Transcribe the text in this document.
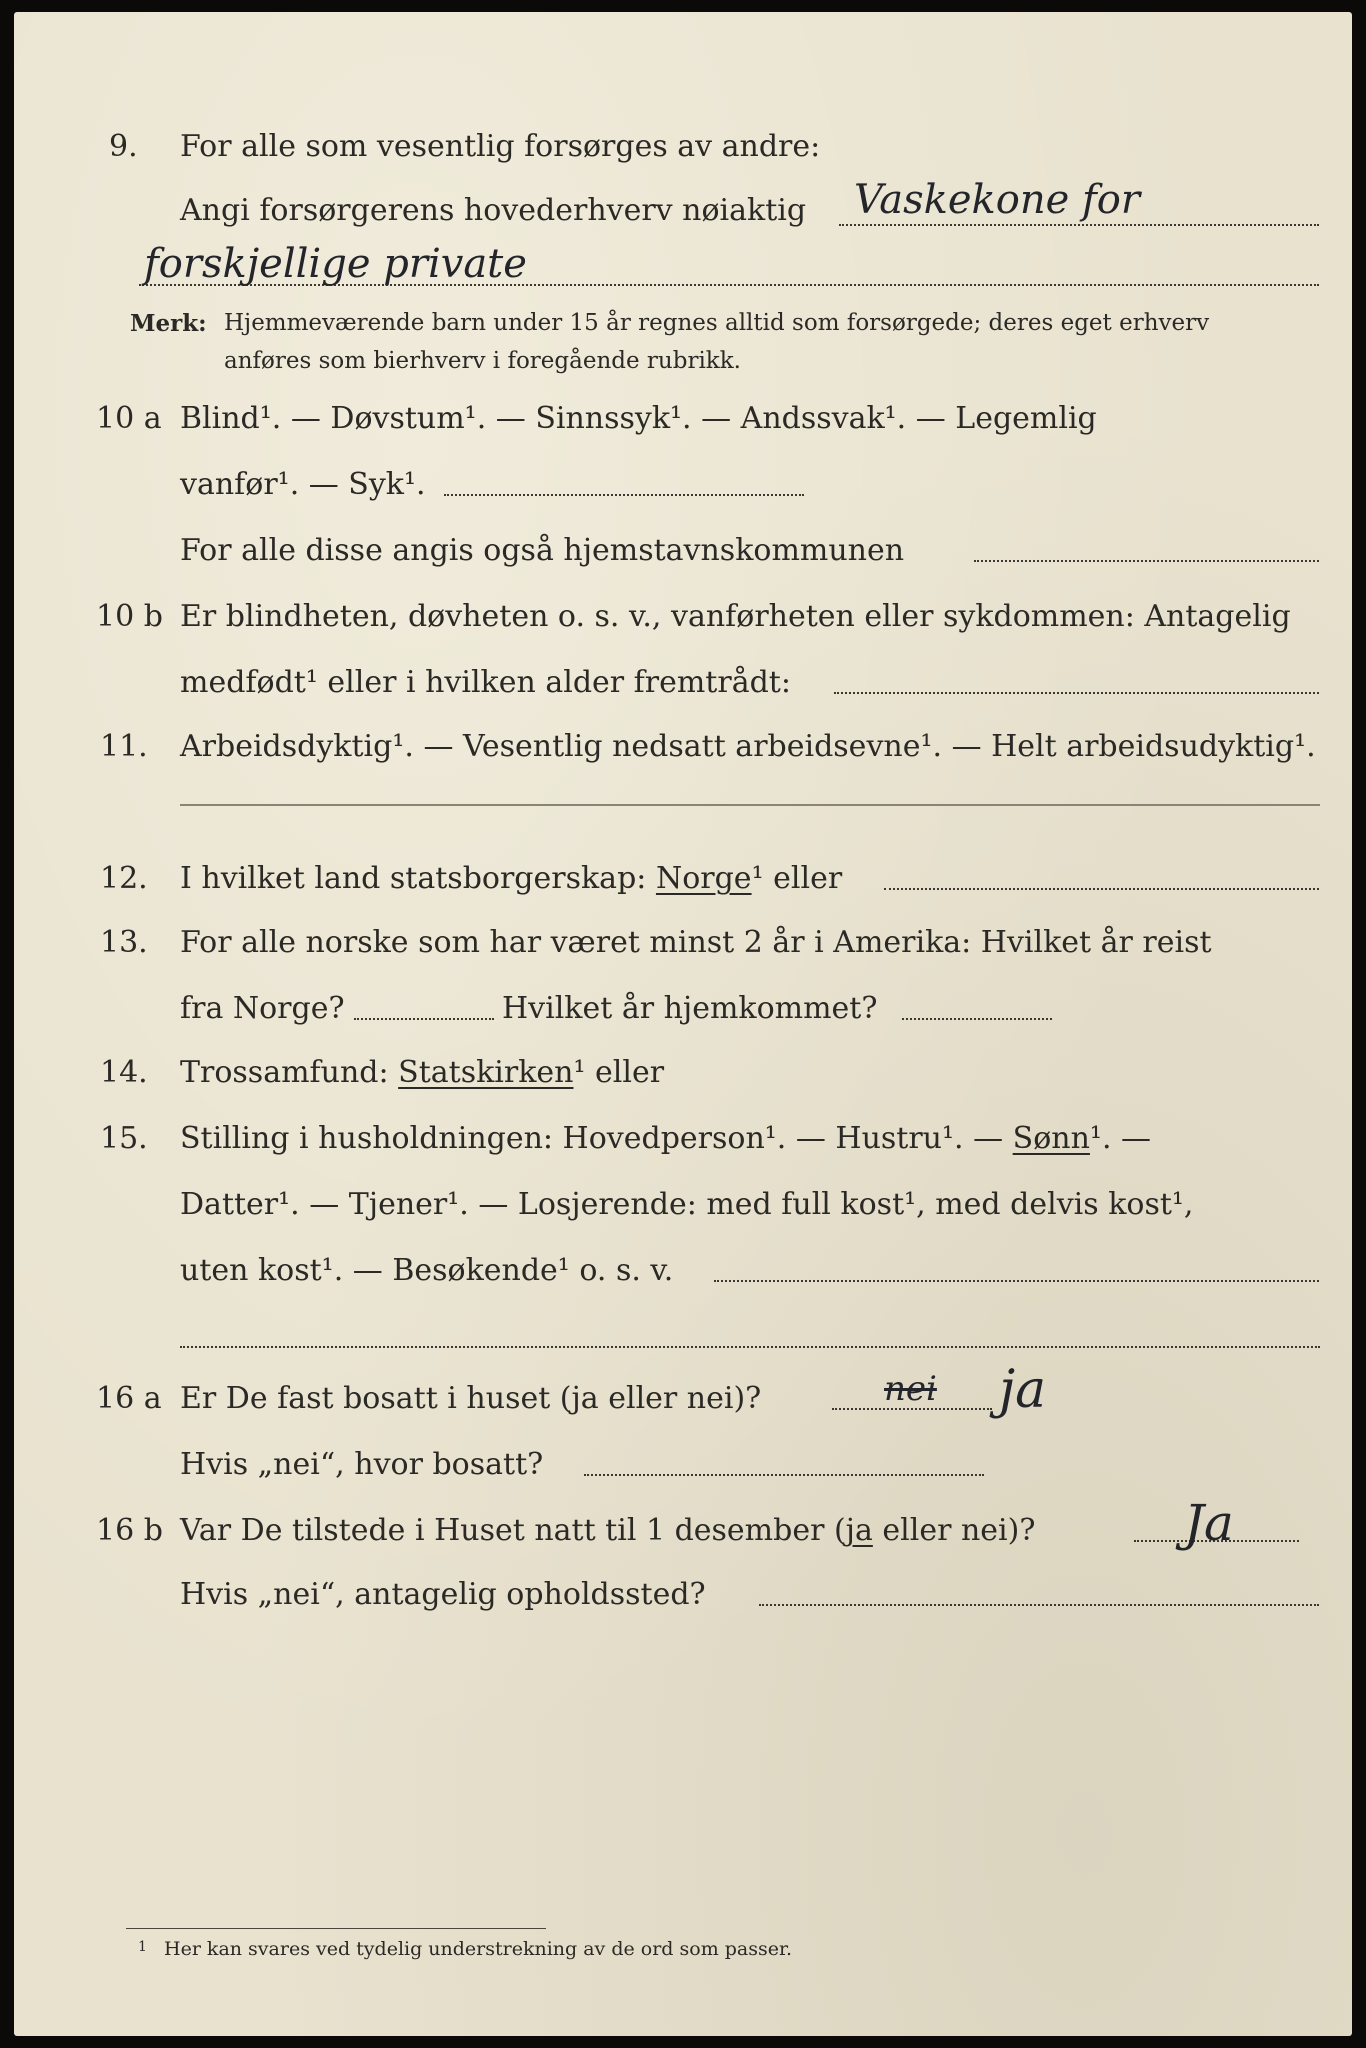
9. For alle som vesentlig forsørges av andre:
Angi forsørgerens hovederhverv nøiaktig Vaskekone for
forskjellige private
Merk: Hjemmeværende barn under 15 år regnes alltid som forsørgede; deres eget erhverv
anføres som bierhverv i foregående rubrikk.
10 a Blind¹. — Døvstum¹. — Sinnssyk¹. — Andssvak¹. — Legemlig
vanfør¹. — Syk¹.
For alle disse angis også hjemstavnskommunen
10 b Er blindheten, døvheten o. s. v., vanførheten eller sykdommen: Antagelig
medfødt¹ eller i hvilken alder fremtrådt:
11. Arbeidsdyktig¹. — Vesentlig nedsatt arbeidsevne¹. — Helt arbeidsudyktig¹.
12. I hvilket land statsborgerskap: Norge¹ eller
13. For alle norske som har været minst 2 år i Amerika: Hvilket år reist
fra Norge?	Hvilket år hjemkommet?
14. Trossamfund: Statskirken¹ eller
15. Stilling i husholdningen: Hovedperson¹. — Hustru¹. — Sønn¹. —
Datter¹. — Tjener¹. — Losjerende: med full kost¹, med delvis kost¹,
uten kost¹. — Besøkende¹ o. s. v.
16 a Er De fast bosatt i huset (ja eller nei)?	nei ja
Hvis „nei“, hvor bosatt?
16 b Var De tilstede i Huset natt til 1 desember (ja eller nei)?	Ja
Hvis „nei“, antagelig opholdssted?
1 Her kan svares ved tydelig understrekning av de ord som passer.
